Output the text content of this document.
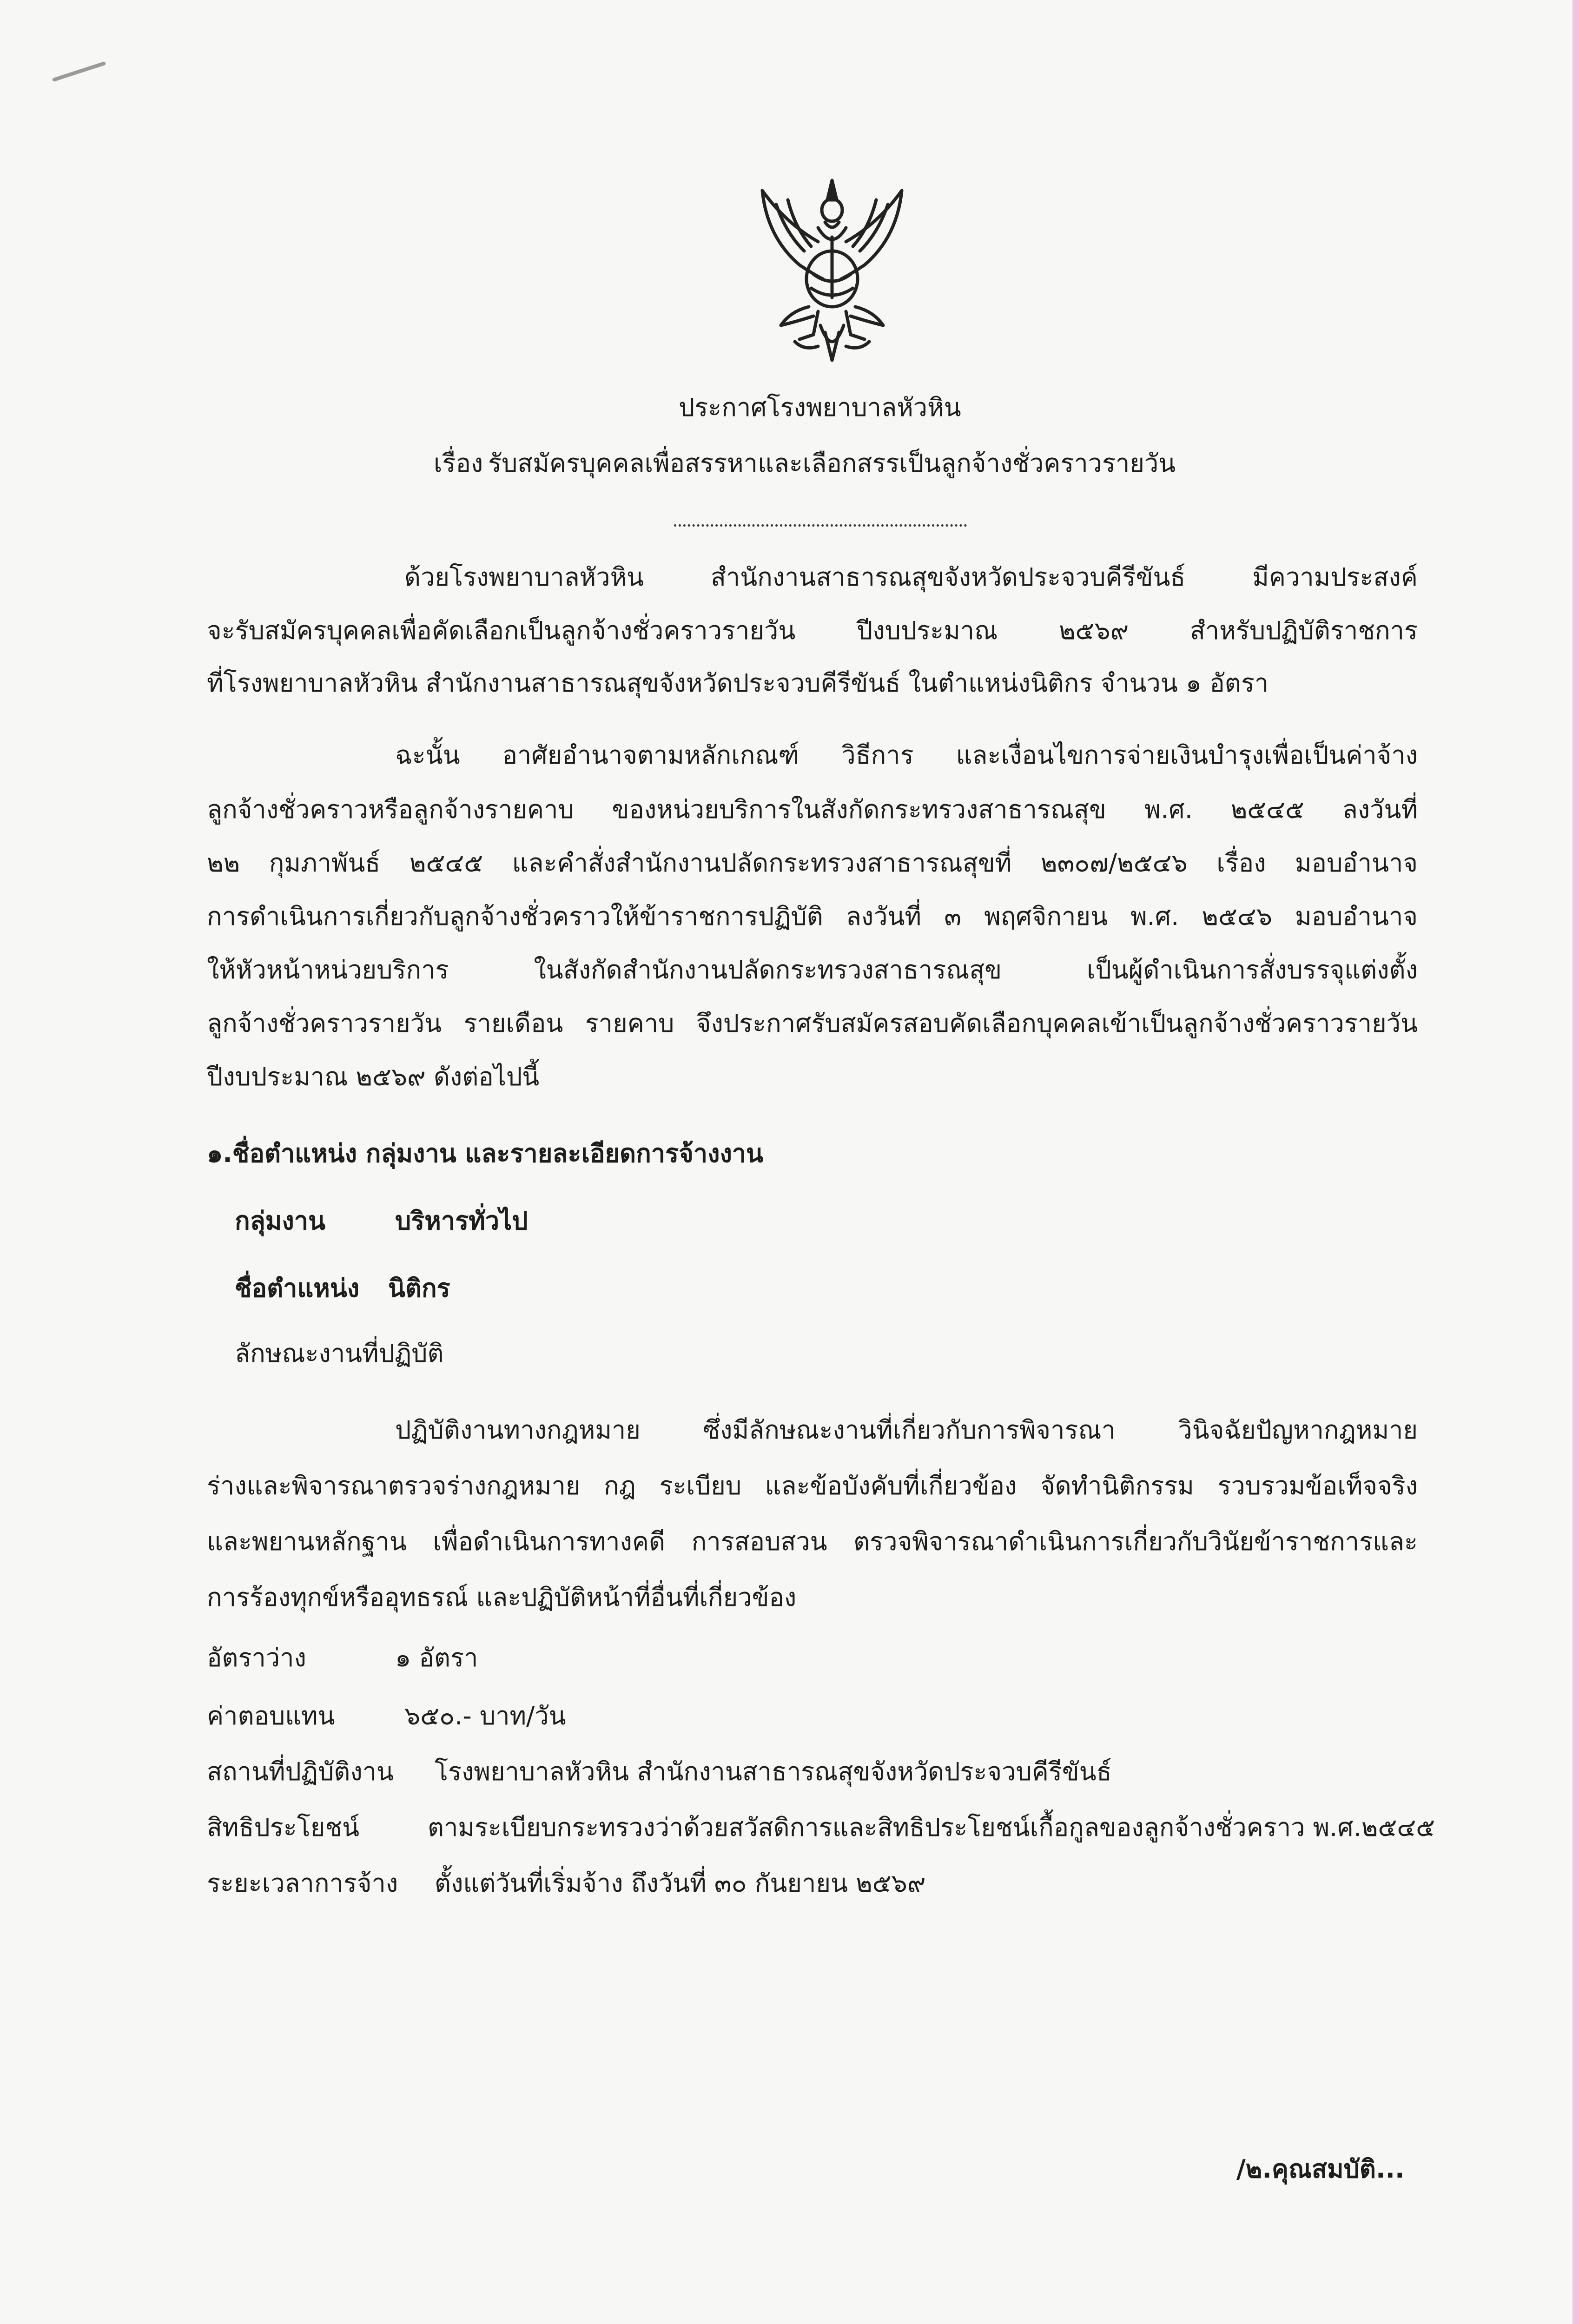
ประกาศโรงพยาบาลหัวหิน
เรื่อง รับสมัครบุคคลเพื่อสรรหาและเลือกสรรเป็นลูกจ้างชั่วคราวรายวัน
ด้วยโรงพยาบาลหัวหิน สำนักงานสาธารณสุขจังหวัดประจวบคีรีขันธ์ มีความประสงค์
จะรับสมัครบุคคลเพื่อคัดเลือกเป็นลูกจ้างชั่วคราวรายวัน ปีงบประมาณ ๒๕๖๙ สำหรับปฏิบัติราชการ
ที่โรงพยาบาลหัวหิน สำนักงานสาธารณสุขจังหวัดประจวบคีรีขันธ์ ในตำแหน่งนิติกร จำนวน ๑ อัตรา
ฉะนั้น อาศัยอำนาจตามหลักเกณฑ์ วิธีการ และเงื่อนไขการจ่ายเงินบำรุงเพื่อเป็นค่าจ้าง
ลูกจ้างชั่วคราวหรือลูกจ้างรายคาบ ของหน่วยบริการในสังกัดกระทรวงสาธารณสุข พ.ศ. ๒๕๔๕ ลงวันที่
๒๒ กุมภาพันธ์ ๒๕๔๕ และคำสั่งสำนักงานปลัดกระทรวงสาธารณสุขที่ ๒๓๐๗/๒๕๔๖ เรื่อง มอบอำนาจ
การดำเนินการเกี่ยวกับลูกจ้างชั่วคราวให้ข้าราชการปฏิบัติ ลงวันที่ ๓ พฤศจิกายน พ.ศ. ๒๕๔๖ มอบอำนาจ
ให้หัวหน้าหน่วยบริการ ในสังกัดสำนักงานปลัดกระทรวงสาธารณสุข เป็นผู้ดำเนินการสั่งบรรจุแต่งตั้ง
ลูกจ้างชั่วคราวรายวัน รายเดือน รายคาบ จึงประกาศรับสมัครสอบคัดเลือกบุคคลเข้าเป็นลูกจ้างชั่วคราวรายวัน
ปีงบประมาณ ๒๕๖๙ ดังต่อไปนี้
๑.ชื่อตำแหน่ง กลุ่มงาน และรายละเอียดการจ้างงาน
กลุ่มงาน	บริหารทั่วไป
ชื่อตำแหน่ง นิติกร
ลักษณะงานที่ปฏิบัติ
ปฏิบัติงานทางกฎหมาย ซึ่งมีลักษณะงานที่เกี่ยวกับการพิจารณา วินิจฉัยปัญหากฎหมาย
ร่างและพิจารณาตรวจร่างกฎหมาย กฎ ระเบียบ และข้อบังคับที่เกี่ยวข้อง จัดทำนิติกรรม รวบรวมข้อเท็จจริง
และพยานหลักฐาน เพื่อดำเนินการทางคดี การสอบสวน ตรวจพิจารณาดำเนินการเกี่ยวกับวินัยข้าราชการและ
การร้องทุกข์หรืออุทธรณ์ และปฏิบัติหน้าที่อื่นที่เกี่ยวข้อง
อัตราว่าง	๑ อัตรา
ค่าตอบแทน	๖๕๐.- บาท/วัน
สถานที่ปฏิบัติงาน โรงพยาบาลหัวหิน สำนักงานสาธารณสุขจังหวัดประจวบคีรีขันธ์
สิทธิประโยชน์	ตามระเบียบกระทรวงว่าด้วยสวัสดิการและสิทธิประโยชน์เกื้อกูลของลูกจ้างชั่วคราว พ.ศ.๒๕๔๕
ระยะเวลาการจ้าง ตั้งแต่วันที่เริ่มจ้าง ถึงวันที่ ๓๐ กันยายน ๒๕๖๙
/๒.คุณสมบัติ...
